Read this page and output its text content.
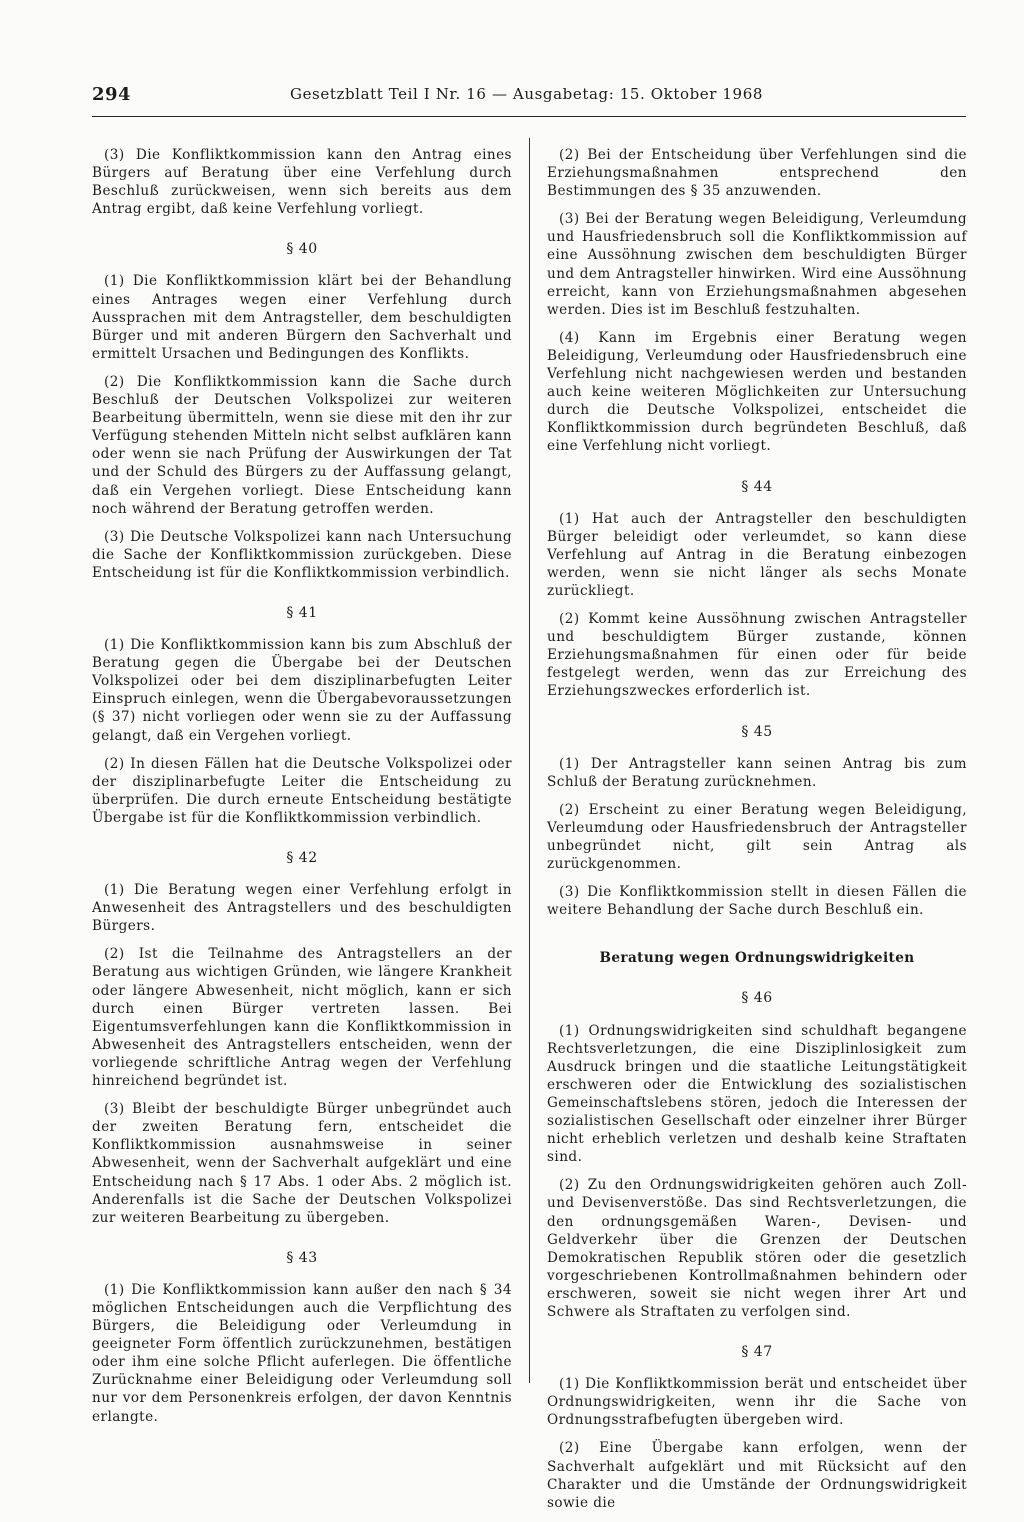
294	Gesetzblatt Teil I Nr. 16 — Ausgabetag: 15. Oktober 1968

(3) Die Konfliktkommission kann den Antrag eines Bürgers auf Beratung über eine Verfehlung durch Beschluß zurückweisen, wenn sich bereits aus dem Antrag ergibt, daß keine Verfehlung vorliegt.

§ 40

(1) Die Konfliktkommission klärt bei der Behandlung eines Antrages wegen einer Verfehlung durch Aussprachen mit dem Antragsteller, dem beschuldigten Bürger und mit anderen Bürgern den Sachverhalt und ermittelt Ursachen und Bedingungen des Konflikts.

(2) Die Konfliktkommission kann die Sache durch Beschluß der Deutschen Volkspolizei zur weiteren Bearbeitung übermitteln, wenn sie diese mit den ihr zur Verfügung stehenden Mitteln nicht selbst aufklären kann oder wenn sie nach Prüfung der Auswirkungen der Tat und der Schuld des Bürgers zu der Auffassung gelangt, daß ein Vergehen vorliegt. Diese Entscheidung kann noch während der Beratung getroffen werden.

(3) Die Deutsche Volkspolizei kann nach Untersuchung die Sache der Konfliktkommission zurückgeben. Diese Entscheidung ist für die Konfliktkommission verbindlich.

§ 41

(1) Die Konfliktkommission kann bis zum Abschluß der Beratung gegen die Übergabe bei der Deutschen Volkspolizei oder bei dem disziplinarbefugten Leiter Einspruch einlegen, wenn die Übergabevoraussetzungen (§ 37) nicht vorliegen oder wenn sie zu der Auffassung gelangt, daß ein Vergehen vorliegt.

(2) In diesen Fällen hat die Deutsche Volkspolizei oder der disziplinarbefugte Leiter die Entscheidung zu überprüfen. Die durch erneute Entscheidung bestätigte Übergabe ist für die Konfliktkommission verbindlich.

§ 42

(1) Die Beratung wegen einer Verfehlung erfolgt in Anwesenheit des Antragstellers und des beschuldigten Bürgers.

(2) Ist die Teilnahme des Antragstellers an der Beratung aus wichtigen Gründen, wie längere Krankheit oder längere Abwesenheit, nicht möglich, kann er sich durch einen Bürger vertreten lassen. Bei Eigentumsverfehlungen kann die Konfliktkommission in Abwesenheit des Antragstellers entscheiden, wenn der vorliegende schriftliche Antrag wegen der Verfehlung hinreichend begründet ist.

(3) Bleibt der beschuldigte Bürger unbegründet auch der zweiten Beratung fern, entscheidet die Konfliktkommission ausnahmsweise in seiner Abwesenheit, wenn der Sachverhalt aufgeklärt und eine Entscheidung nach § 17 Abs. 1 oder Abs. 2 möglich ist. Anderenfalls ist die Sache der Deutschen Volkspolizei zur weiteren Bearbeitung zu übergeben.

§ 43

(1) Die Konfliktkommission kann außer den nach § 34 möglichen Entscheidungen auch die Verpflichtung des Bürgers, die Beleidigung oder Verleumdung in geeigneter Form öffentlich zurückzunehmen, bestätigen oder ihm eine solche Pflicht auferlegen. Die öffentliche Zurücknahme einer Beleidigung oder Verleumdung soll nur vor dem Personenkreis erfolgen, der davon Kenntnis erlangte.

(2) Bei der Entscheidung über Verfehlungen sind die Erziehungsmaßnahmen entsprechend den Bestimmungen des § 35 anzuwenden.

(3) Bei der Beratung wegen Beleidigung, Verleumdung und Hausfriedensbruch soll die Konfliktkommission auf eine Aussöhnung zwischen dem beschuldigten Bürger und dem Antragsteller hinwirken. Wird eine Aussöhnung erreicht, kann von Erziehungsmaßnahmen abgesehen werden. Dies ist im Beschluß festzuhalten.

(4) Kann im Ergebnis einer Beratung wegen Beleidigung, Verleumdung oder Hausfriedensbruch eine Verfehlung nicht nachgewiesen werden und bestanden auch keine weiteren Möglichkeiten zur Untersuchung durch die Deutsche Volkspolizei, entscheidet die Konfliktkommission durch begründeten Beschluß, daß eine Verfehlung nicht vorliegt.

§ 44

(1) Hat auch der Antragsteller den beschuldigten Bürger beleidigt oder verleumdet, so kann diese Verfehlung auf Antrag in die Beratung einbezogen werden, wenn sie nicht länger als sechs Monate zurückliegt.

(2) Kommt keine Aussöhnung zwischen Antragsteller und beschuldigtem Bürger zustande, können Erziehungsmaßnahmen für einen oder für beide festgelegt werden, wenn das zur Erreichung des Erziehungszweckes erforderlich ist.

§ 45

(1) Der Antragsteller kann seinen Antrag bis zum Schluß der Beratung zurücknehmen.

(2) Erscheint zu einer Beratung wegen Beleidigung, Verleumdung oder Hausfriedensbruch der Antragsteller unbegründet nicht, gilt sein Antrag als zurückgenommen.

(3) Die Konfliktkommission stellt in diesen Fällen die weitere Behandlung der Sache durch Beschluß ein.

Beratung wegen Ordnungswidrigkeiten
§ 46

(1) Ordnungswidrigkeiten sind schuldhaft begangene Rechtsverletzungen, die eine Disziplinlosigkeit zum Ausdruck bringen und die staatliche Leitungstätigkeit erschweren oder die Entwicklung des sozialistischen Gemeinschaftslebens stören, jedoch die Interessen der sozialistischen Gesellschaft oder einzelner ihrer Bürger nicht erheblich verletzen und deshalb keine Straftaten sind.

(2) Zu den Ordnungswidrigkeiten gehören auch Zoll- und Devisenverstöße. Das sind Rechtsverletzungen, die den ordnungsgemäßen Waren-, Devisen- und Geldverkehr über die Grenzen der Deutschen Demokratischen Republik stören oder die gesetzlich vorgeschriebenen Kontrollmaßnahmen behindern oder erschweren, soweit sie nicht wegen ihrer Art und Schwere als Straftaten zu verfolgen sind.

§ 47

(1) Die Konfliktkommission berät und entscheidet über Ordnungswidrigkeiten, wenn ihr die Sache von Ordnungsstrafbefugten übergeben wird.

(2) Eine Übergabe kann erfolgen, wenn der Sachverhalt aufgeklärt und mit Rücksicht auf den Charakter und die Umstände der Ordnungswidrigkeit sowie die
